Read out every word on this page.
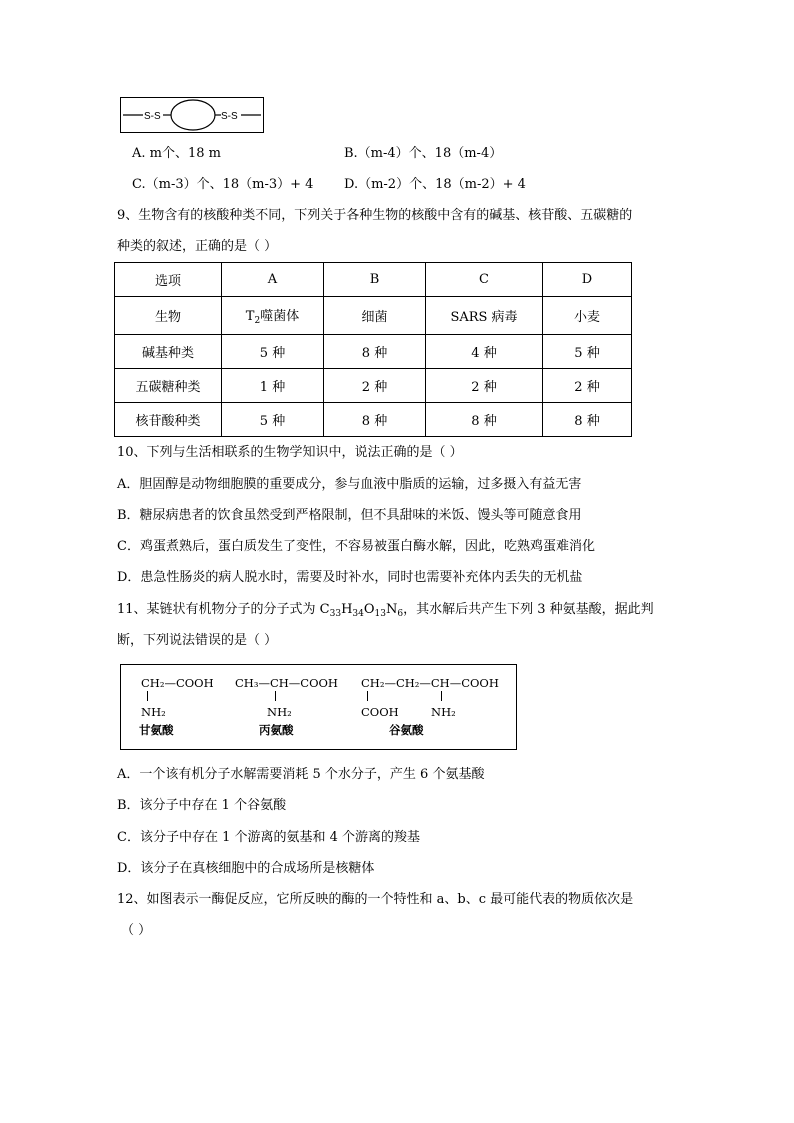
S-S	S-S
A. m个、18 m	B.（m-4）个、18（m-4）
C.（m-3）个、18（m-3）+ 4 D.（m-2）个、18（m-2）+ 4
9、生物含有的核酸种类不同，下列关于各种生物的核酸中含有的碱基、核苷酸、五碳糖的
种类的叙述，正确的是（ ）
选项	A	B	C	D
生物	$T_2$噬菌体	细菌	SARS 病毒	小麦
碱基种类	5 种	8 种	4 种	5 种
五碳糖种类	1 种	2 种	2 种	2 种
核苷酸种类	5 种	8 种	8 种	8 种
10、下列与生活相联系的生物学知识中，说法正确的是（ ）
A．胆固醇是动物细胞膜的重要成分，参与血液中脂质的运输，过多摄入有益无害
B．糖尿病患者的饮食虽然受到严格限制，但不具甜味的米饭、馒头等可随意食用
C．鸡蛋煮熟后，蛋白质发生了变性，不容易被蛋白酶水解，因此，吃熟鸡蛋难消化
D．患急性肠炎的病人脱水时，需要及时补水，同时也需要补充体内丢失的无机盐
11、某链状有机物分子的分子式为 $C_{33}H_{34}O_{13}N_6$，其水解后共产生下列 3 种氨基酸，据此判
断，下列说法错误的是（ ）
CH₂—COOH
NH₂
甘氨酸
CH₃—CH—COOH
NH₂
丙氨酸
CH₂—CH₂—CH—COOH
COOH	NH₂
谷氨酸
A．一个该有机分子水解需要消耗 5 个水分子，产生 6 个氨基酸
B．该分子中存在 1 个谷氨酸
C．该分子中存在 1 个游离的氨基和 4 个游离的羧基
D．该分子在真核细胞中的合成场所是核糖体
12、如图表示一酶促反应，它所反映的酶的一个特性和 a、b、c 最可能代表的物质依次是
（ ）
